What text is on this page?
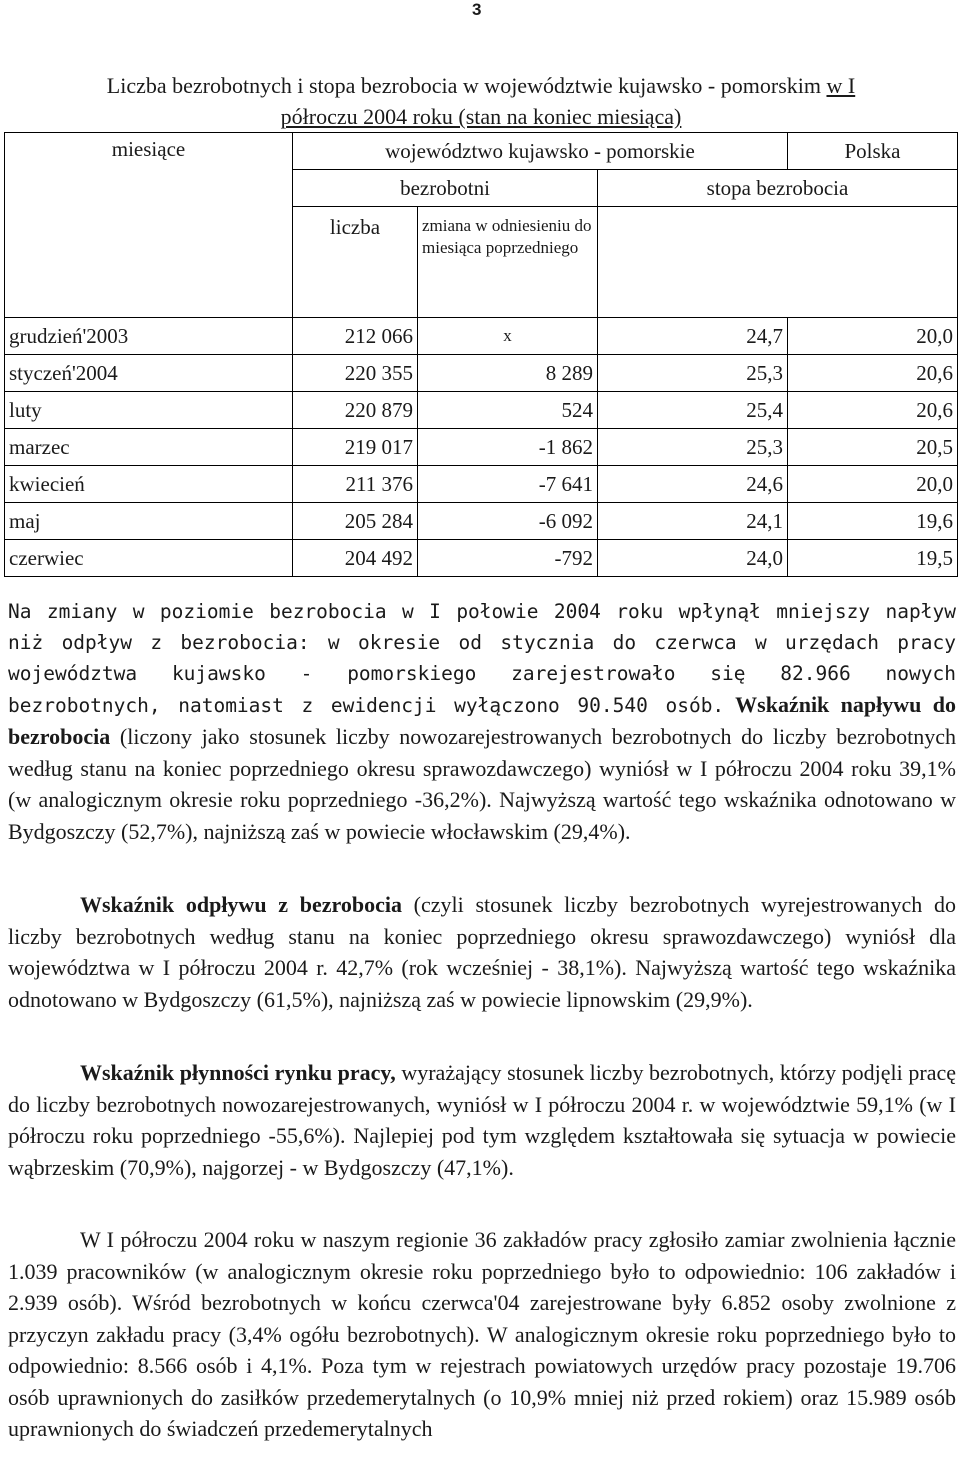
3
Liczba bezrobotnych i stopa bezrobocia w województwie kujawsko - pomorskim w I
półroczu 2004 roku (stan na koniec miesiąca)
miesiące	województwo kujawsko - pomorskie			Polska
	bezrobotni		stopa bezrobocia	
	liczba	zmiana w odniesieniu do miesiąca poprzedniego		
grudzień'2003	212 066	x	24,7	20,0
styczeń'2004	220 355	8 289	25,3	20,6
luty	220 879	524	25,4	20,6
marzec	219 017	-1 862	25,3	20,5
kwiecień	211 376	-7 641	24,6	20,0
maj	205 284	-6 092	24,1	19,6
czerwiec	204 492	-792	24,0	19,5
Na zmiany w poziomie bezrobocia w I połowie 2004 roku wpłynął mniejszy napływ niż odpływ z bezrobocia: w okresie od stycznia do czerwca w urzędach pracy województwa kujawsko - pomorskiego zarejestrowało się 82.966 nowych bezrobotnych, natomiast z ewidencji wyłączono 90.540 osób. Wskaźnik napływu do bezrobocia (liczony jako stosunek liczby nowozarejestrowanych bezrobotnych do liczby bezrobotnych według stanu na koniec poprzedniego okresu sprawozdawczego) wyniósł w I półroczu 2004 roku 39,1% (w analogicznym okresie roku poprzedniego -36,2%). Najwyższą wartość tego wskaźnika odnotowano w Bydgoszczy (52,7%), najniższą zaś w powiecie włocławskim (29,4%).
Wskaźnik odpływu z bezrobocia (czyli stosunek liczby bezrobotnych wyrejestrowanych do liczby bezrobotnych według stanu na koniec poprzedniego okresu sprawozdawczego) wyniósł dla województwa w I półroczu 2004 r. 42,7% (rok wcześniej - 38,1%). Najwyższą wartość tego wskaźnika odnotowano w Bydgoszczy (61,5%), najniższą zaś w powiecie lipnowskim (29,9%).
Wskaźnik płynności rynku pracy, wyrażający stosunek liczby bezrobotnych, którzy podjęli pracę do liczby bezrobotnych nowozarejestrowanych, wyniósł w I półroczu 2004 r. w województwie 59,1% (w I półroczu roku poprzedniego -55,6%). Najlepiej pod tym względem kształtowała się sytuacja w powiecie wąbrzeskim (70,9%), najgorzej - w Bydgoszczy (47,1%).
W I półroczu 2004 roku w naszym regionie 36 zakładów pracy zgłosiło zamiar zwolnienia łącznie 1.039 pracowników (w analogicznym okresie roku poprzedniego było to odpowiednio: 106 zakładów i 2.939 osób). Wśród bezrobotnych w końcu czerwca'04 zarejestrowane były 6.852 osoby zwolnione z przyczyn zakładu pracy (3,4% ogółu bezrobotnych). W analogicznym okresie roku poprzedniego było to odpowiednio: 8.566 osób i 4,1%. Poza tym w rejestrach powiatowych urzędów pracy pozostaje 19.706 osób uprawnionych do zasiłków przedemerytalnych (o 10,9% mniej niż przed rokiem) oraz 15.989 osób uprawnionych do świadczeń przedemerytalnych
